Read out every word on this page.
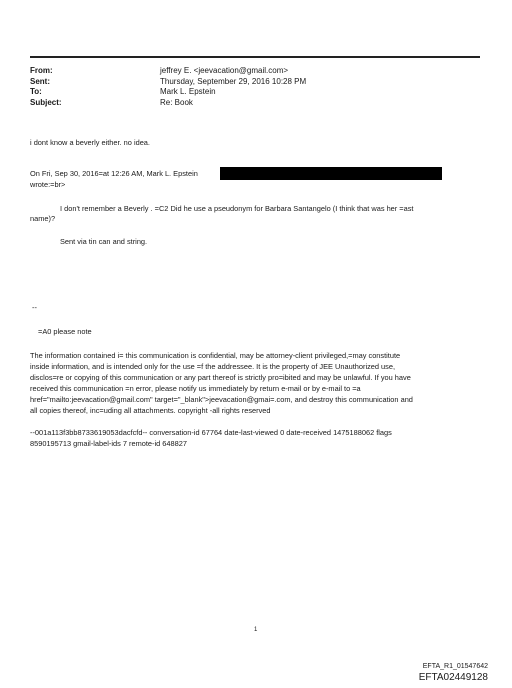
From:	jeffrey E. <jeevacation@gmail.com>
Sent:	Thursday, September 29, 2016 10:28 PM
To:	Mark L. Epstein
Subject:	Re: Book
i dont know a beverly either. no idea.
On Fri, Sep 30, 2016=at 12:26 AM, Mark L. Epstein
wrote:=br>
I don't remember a Beverly . =C2 Did he use a pseudonym for Barbara Santangelo (I think that was her =ast
name)?
Sent via tin can and string.
--
=A0 please note
The information contained i= this communication is confidential, may be attorney-client privileged,=may constitute
inside information, and is intended only for the use =f the addressee. It is the property of JEE Unauthorized use,
disclos=re or copying of this communication or any part thereof is strictly pro=ibited and may be unlawful. If you have
received this communication =n error, please notify us immediately by return e-mail or by e-mail to =a
href="mailto:jeevacation@gmail.com" target="_blank">jeevacation@gmai=.com, and destroy this communication and
all copies thereof, inc=uding all attachments. copyright -all rights reserved
--001a113f3bb8733619053dacfcfd-- conversation-id 67764 date-last-viewed 0 date-received 1475188062 flags
8590195713 gmail-label-ids 7 remote-id 648827
1
EFTA_R1_01547642
EFTA02449128
